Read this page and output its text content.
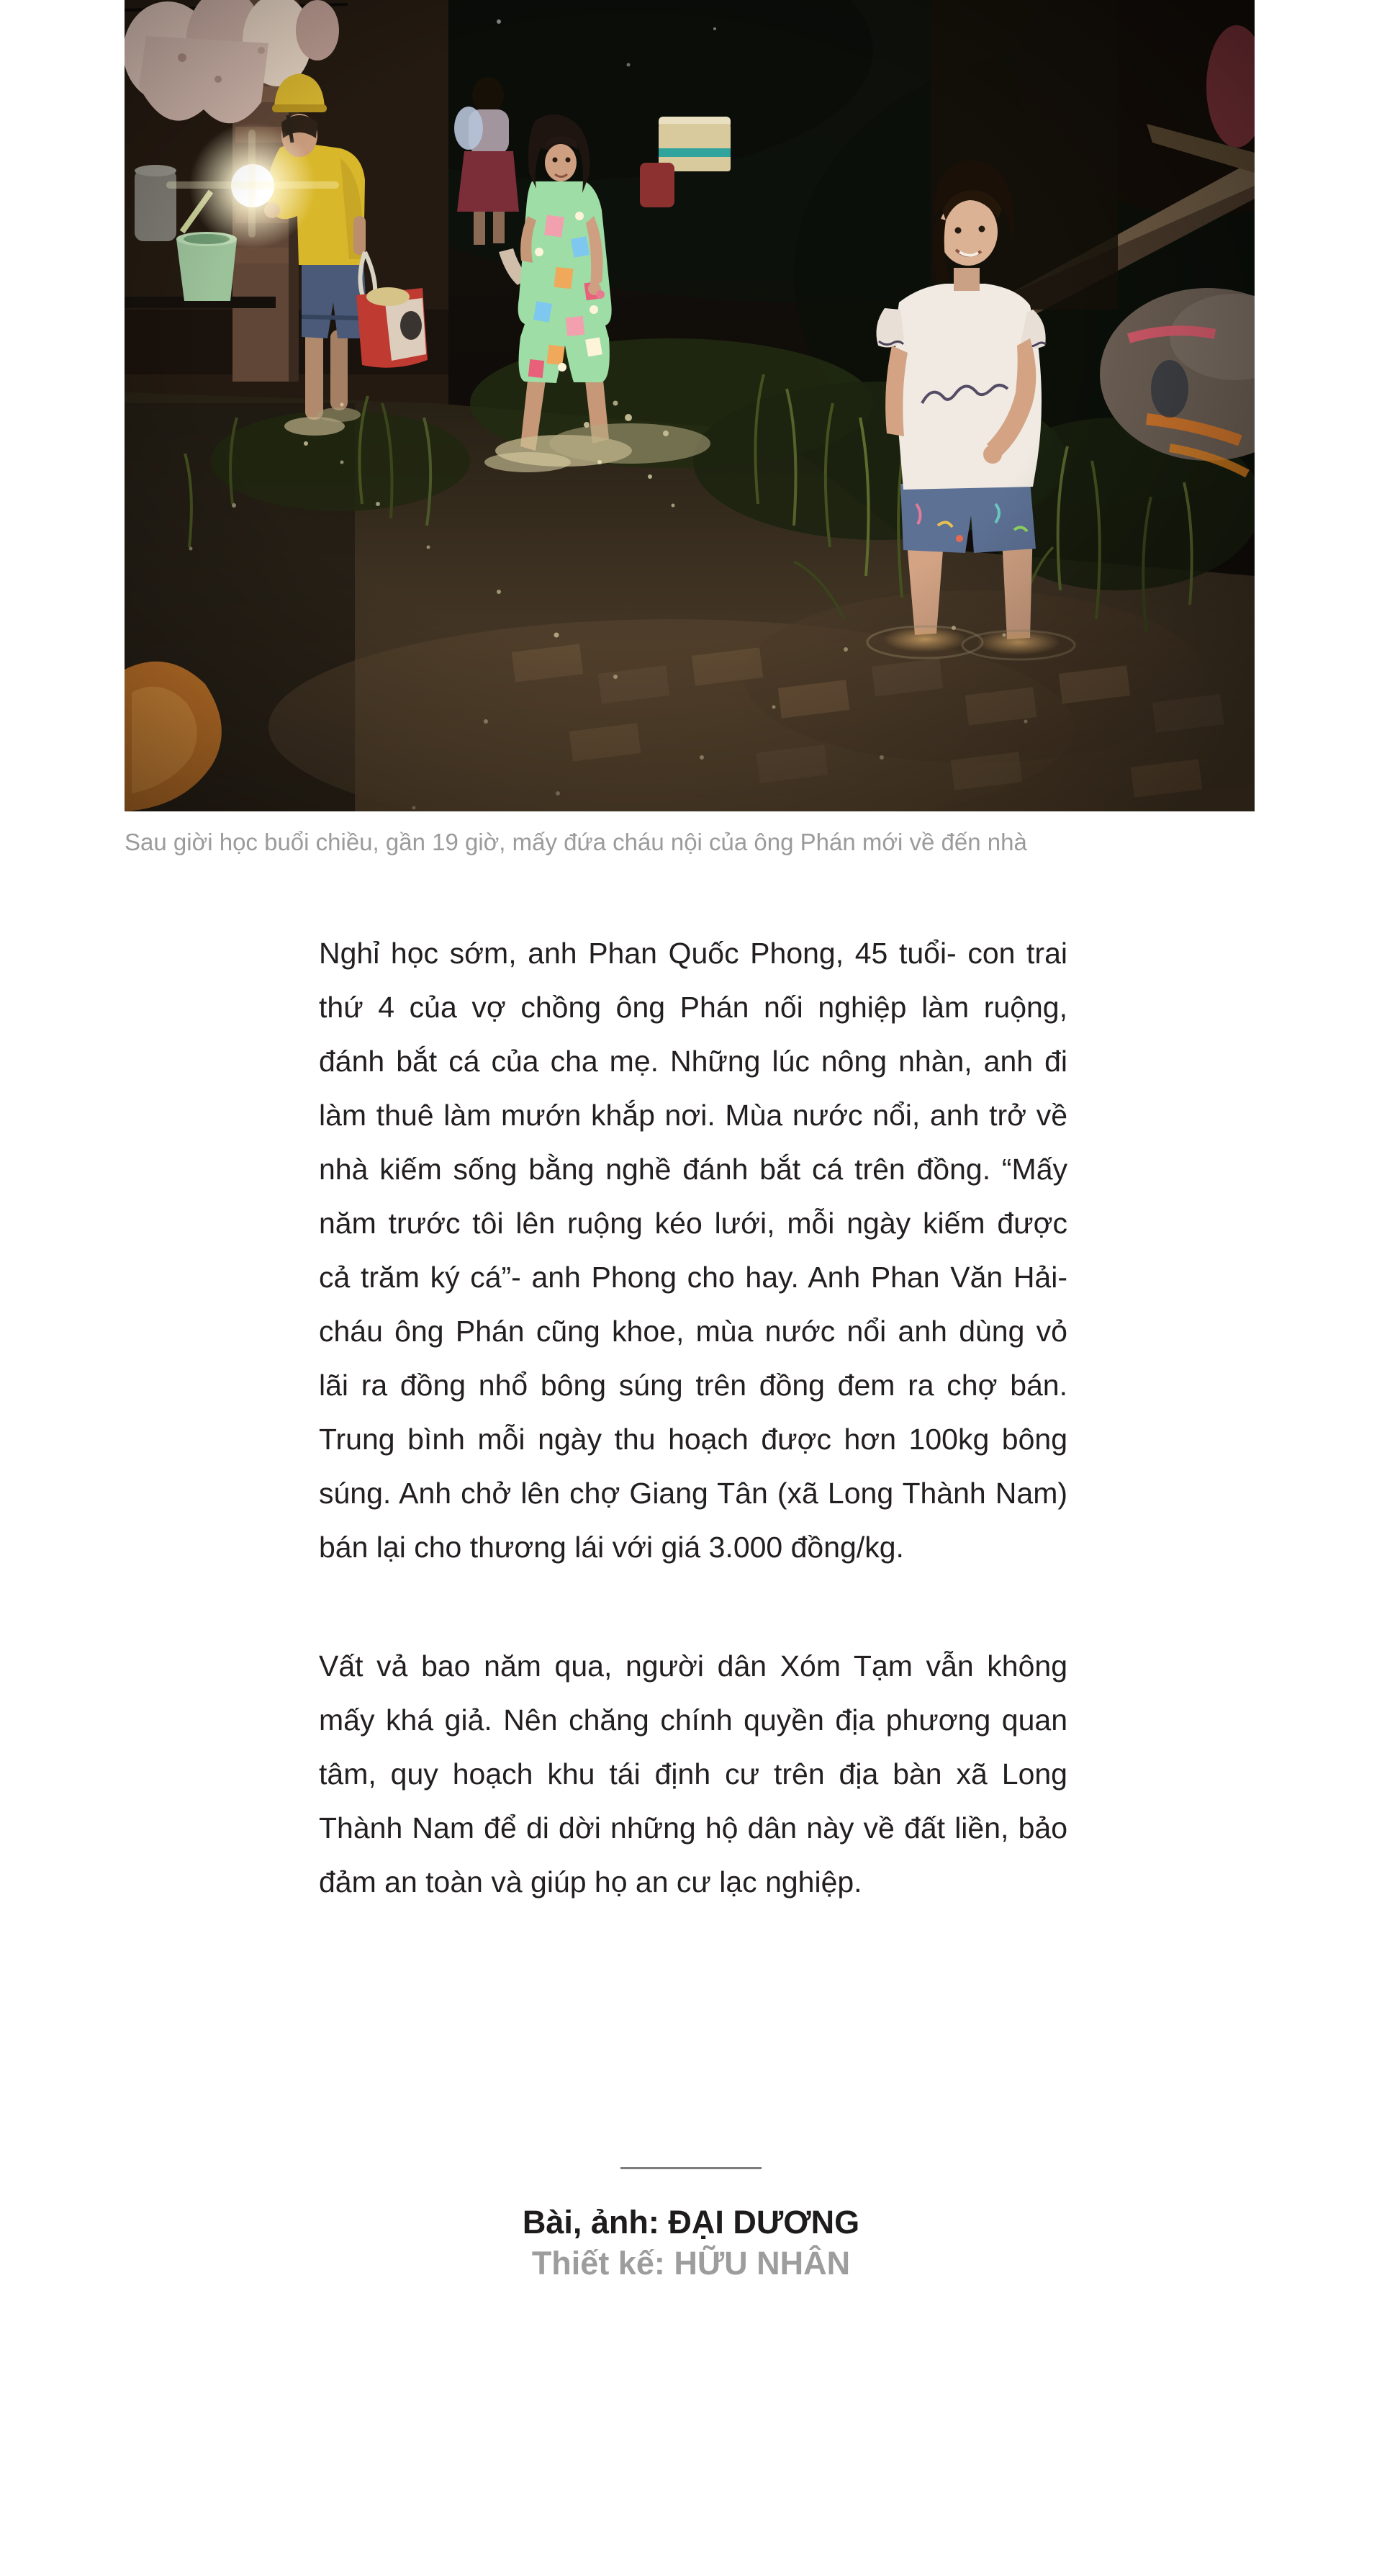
Sau giời học buổi chiều, gần 19 giờ, mấy đứa cháu nội của ông Phán mới về đến nhà

Nghỉ học sớm, anh Phan Quốc Phong, 45 tuổi- con trai thứ 4 của vợ chồng ông Phán nối nghiệp làm ruộng, đánh bắt cá của cha mẹ. Những lúc nông nhàn, anh đi làm thuê làm mướn khắp nơi. Mùa nước nổi, anh trở về nhà kiếm sống bằng nghề đánh bắt cá trên đồng. “Mấy năm trước tôi lên ruộng kéo lưới, mỗi ngày kiếm được cả trăm ký cá”- anh Phong cho hay. Anh Phan Văn Hải- cháu ông Phán cũng khoe, mùa nước nổi anh dùng vỏ lãi ra đồng nhổ bông súng trên đồng đem ra chợ bán. Trung bình mỗi ngày thu hoạch được hơn 100kg bông súng. Anh chở lên chợ Giang Tân (xã Long Thành Nam) bán lại cho thương lái với giá 3.000 đồng/kg.

Vất vả bao năm qua, người dân Xóm Tạm vẫn không mấy khá giả. Nên chăng chính quyền địa phương quan tâm, quy hoạch khu tái định cư trên địa bàn xã Long Thành Nam để di dời những hộ dân này về đất liền, bảo đảm an toàn và giúp họ an cư lạc nghiệp.

Bài, ảnh: ĐẠI DƯƠNG

Thiết kế: HỮU NHÂN
